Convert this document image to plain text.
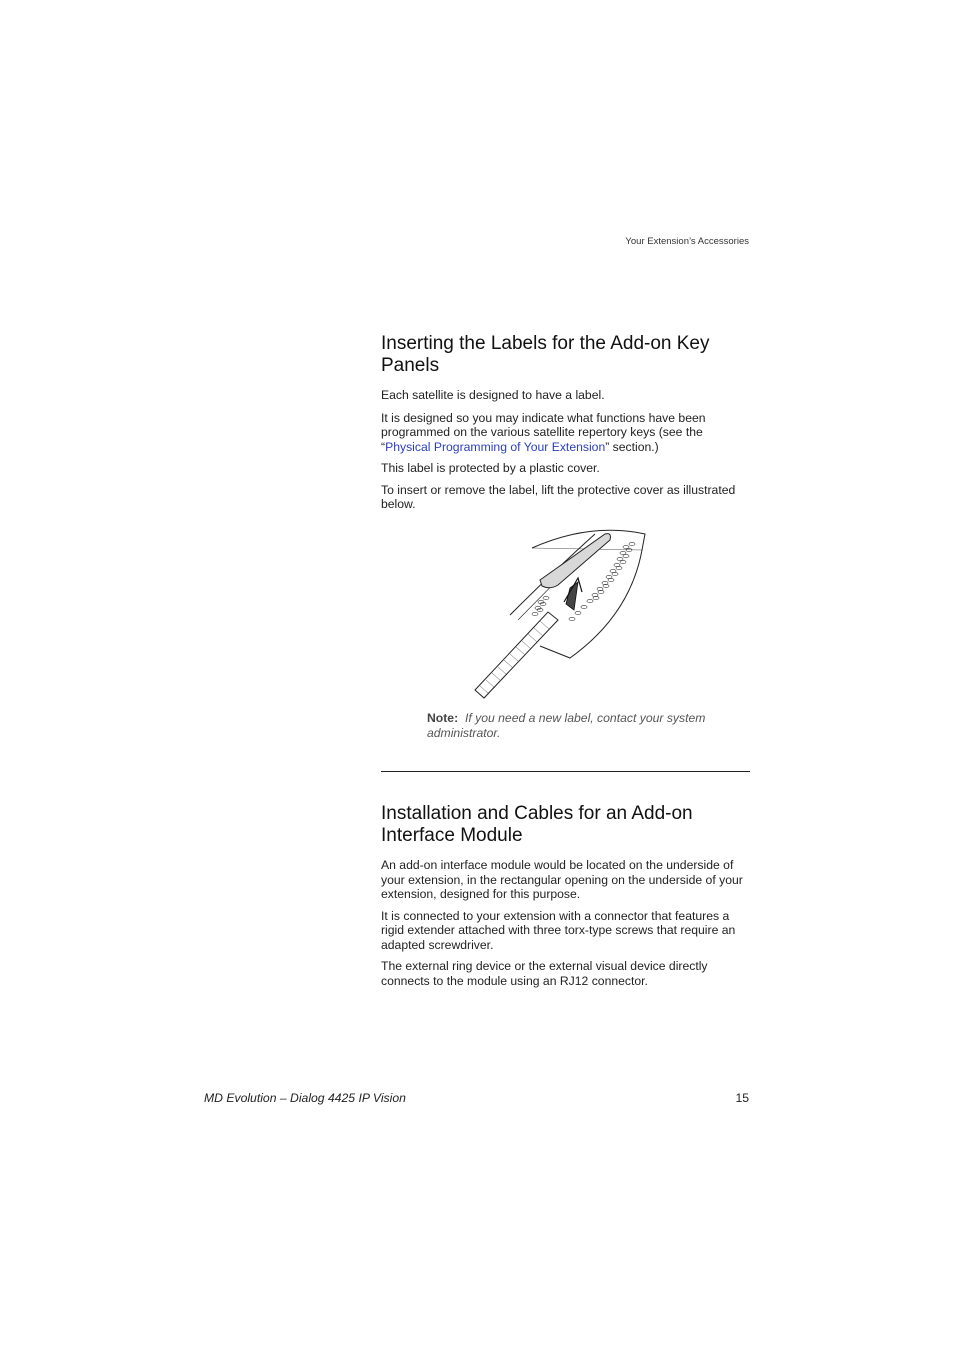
Your Extension’s Accessories
Inserting the Labels for the Add-on Key Panels

Each satellite is designed to have a label.

It is designed so you may indicate what functions have been programmed on the various satellite repertory keys (see the “Physical Programming of Your Extension” section.)

This label is protected by a plastic cover.

To insert or remove the label, lift the protective cover as illustrated below.

Note: If you need a new label, contact your system administrator.
Installation and Cables for an Add-on Interface Module

An add-on interface module would be located on the underside of your extension, in the rectangular opening on the underside of your extension, designed for this purpose.

It is connected to your extension with a connector that features a rigid extender attached with three torx-type screws that require an adapted screwdriver.

The external ring device or the external visual device directly connects to the module using an RJ12 connector.

MD Evolution – Dialog 4425 IP Vision	15
